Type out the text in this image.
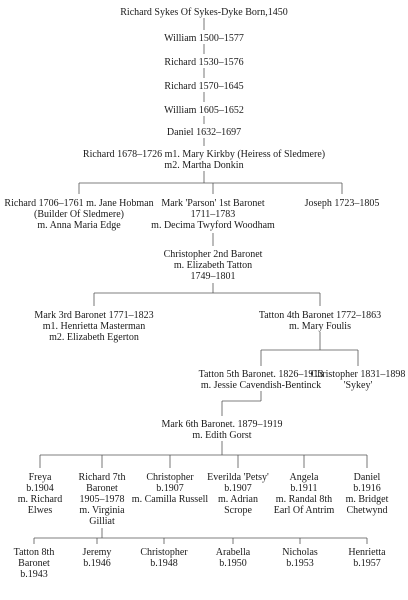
Richard Sykes Of Sykes-Dyke Born,1450
William 1500–1577
Richard 1530–1576
Richard 1570–1645
William 1605–1652
Daniel 1632–1697
Richard 1678–1726 m1. Mary Kirkby (Heiress of Sledmere)
m2. Martha Donkin
Richard 1706–1761 m. Jane Hobman
(Builder Of Sledmere)
m. Anna Maria Edge
Mark 'Parson' 1st Baronet
1711–1783
m. Decima Twyford Woodham
Joseph 1723–1805
Christopher 2nd Baronet
m. Elizabeth Tatton
1749–1801
Mark 3rd Baronet 1771–1823
m1. Henrietta Masterman
m2. Elizabeth Egerton
Tatton 4th Baronet 1772–1863
m. Mary Foulis
Tatton 5th Baronet. 1826–1913
m. Jessie Cavendish-Bentinck
Christopher 1831–1898
'Sykey'
Mark 6th Baronet. 1879–1919
m. Edith Gorst
Freya
b.1904
m. Richard
Elwes
Richard 7th
Baronet
1905–1978
m. Virginia
Gilliat
Christopher
b.1907
m. Camilla Russell
Everilda 'Petsy'
b.1907
m. Adrian
Scrope
Angela
b.1911
m. Randal 8th
Earl Of Antrim
Daniel
b.1916
m. Bridget
Chetwynd
Tatton 8th
Baronet
b.1943
Jeremy
b.1946
Christopher
b.1948
Arabella
b.1950
Nicholas
b.1953
Henrietta
b.1957
